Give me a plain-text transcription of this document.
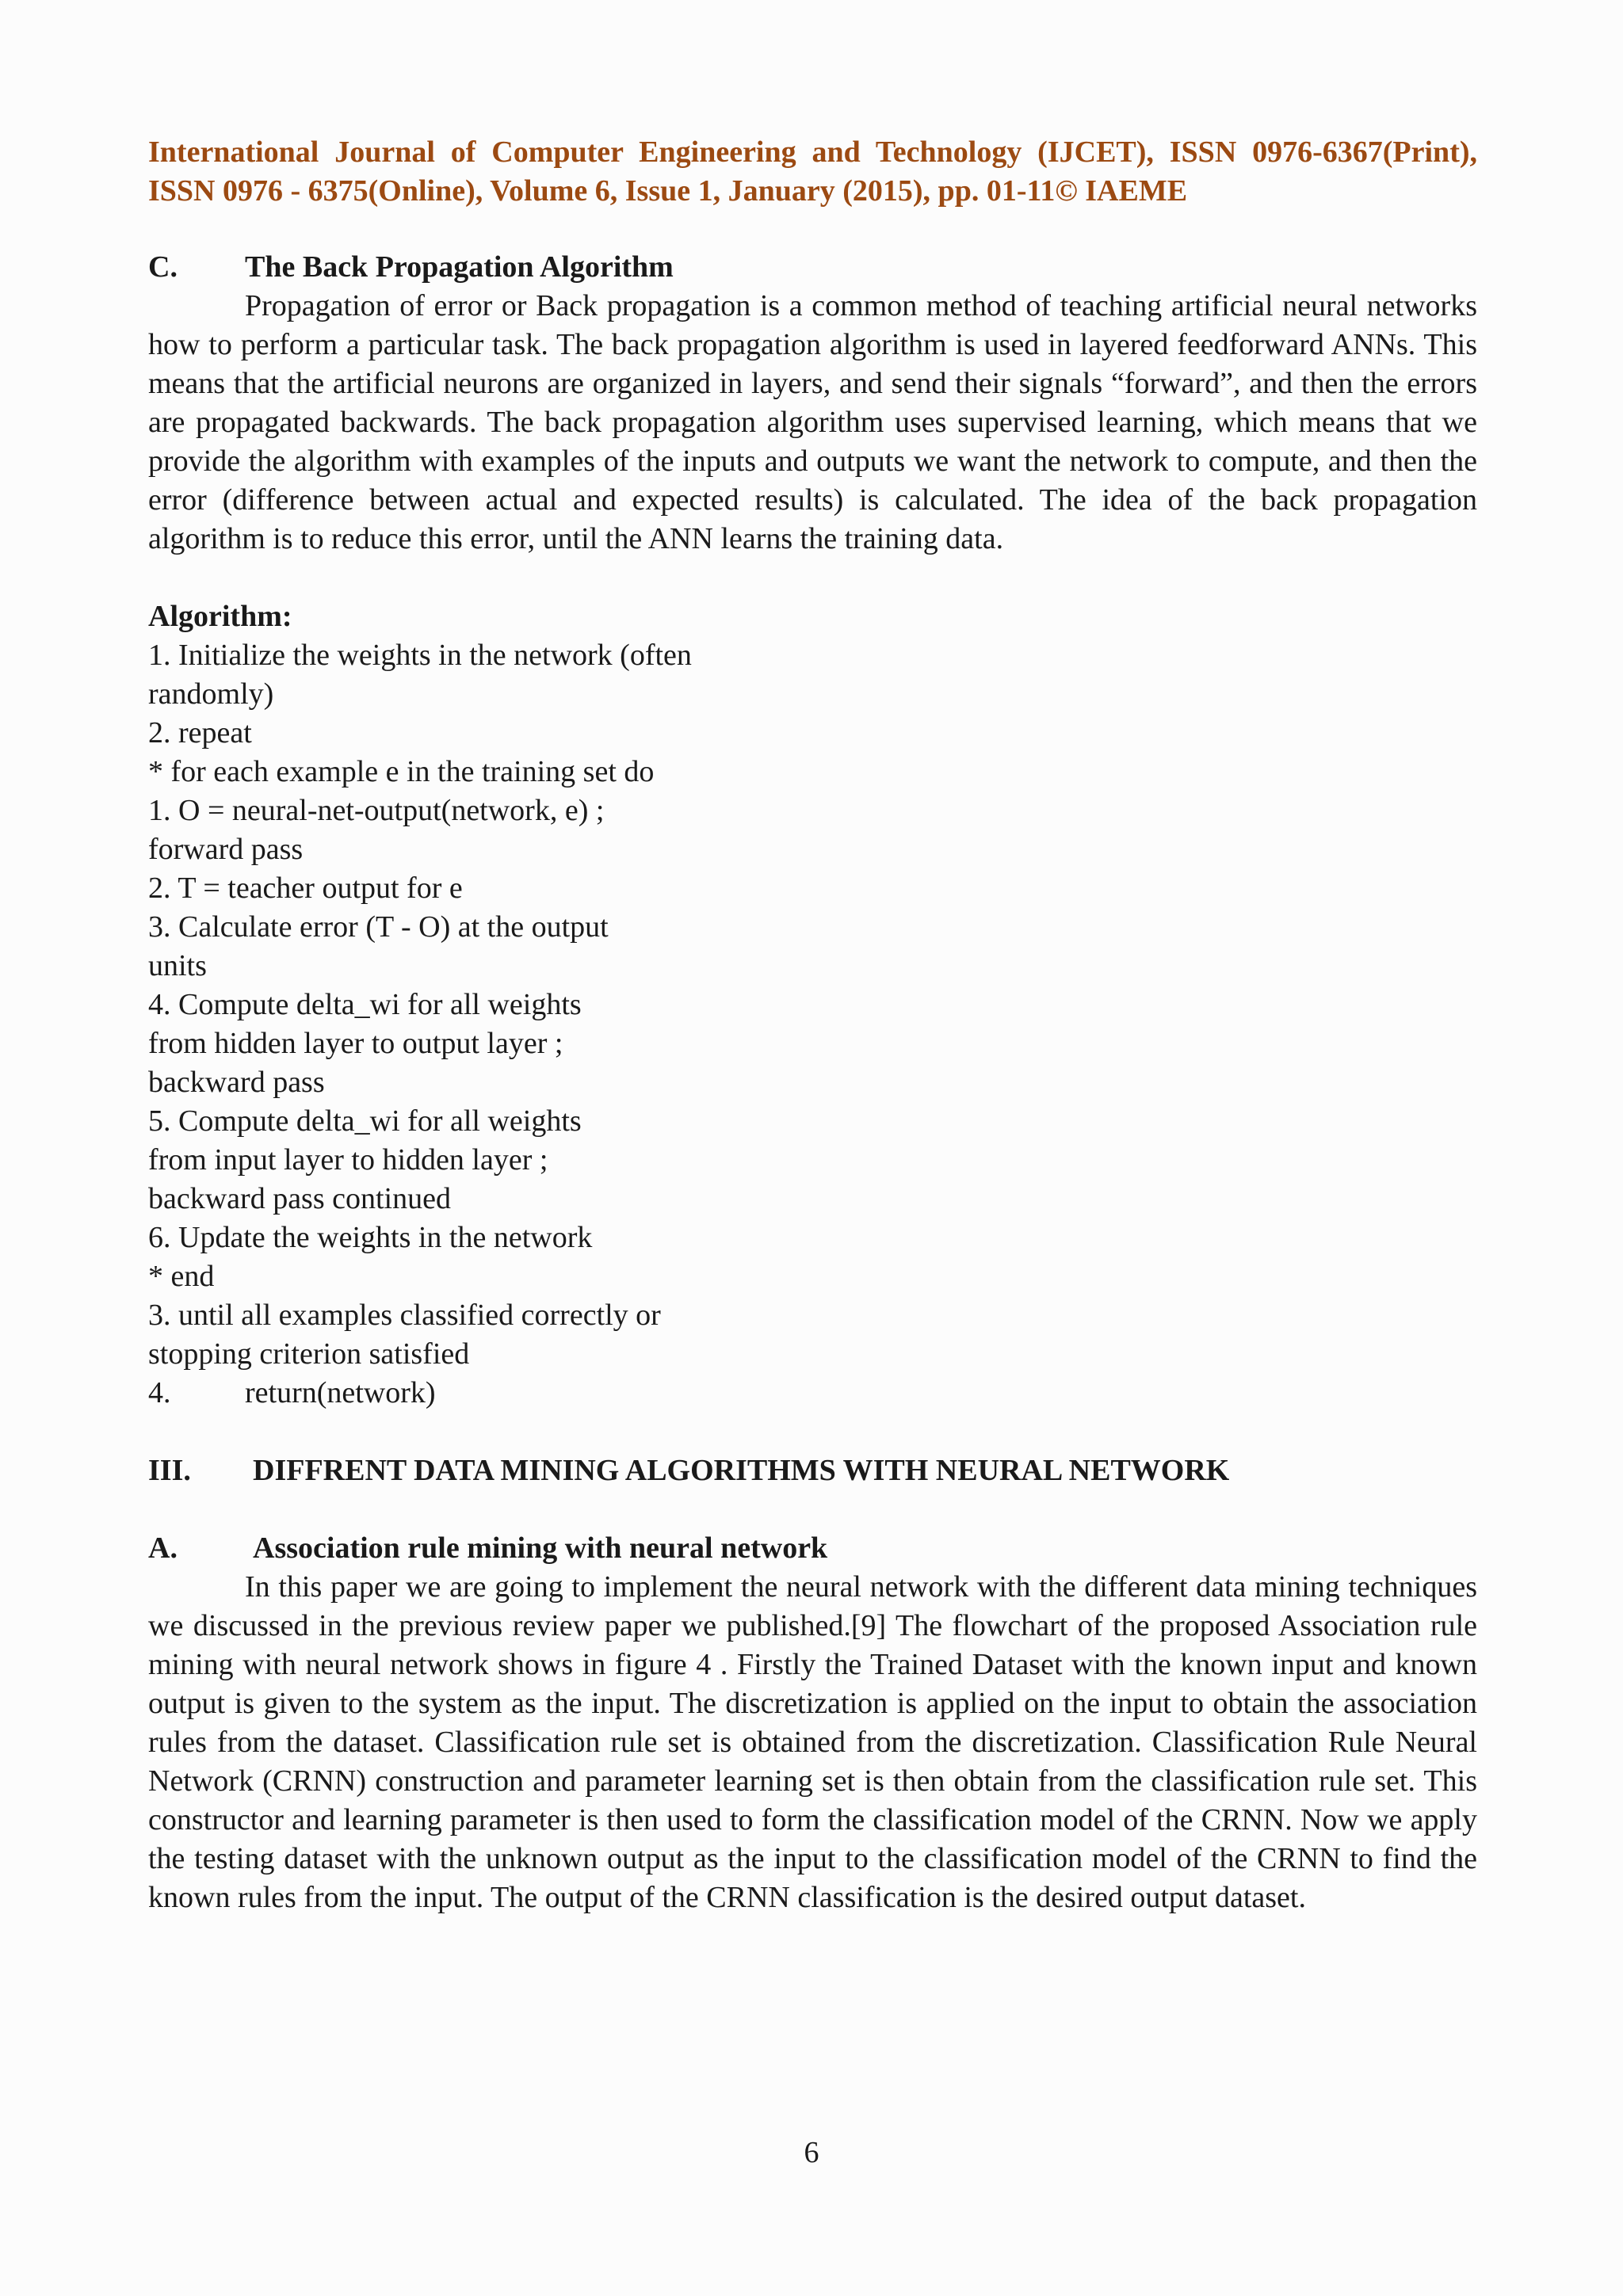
International Journal of Computer Engineering and Technology (IJCET), ISSN 0976-6367(Print),
ISSN 0976 - 6375(Online), Volume 6, Issue 1, January (2015), pp. 01-11© IAEME
C.	The Back Propagation Algorithm

Propagation of error or Back propagation is a common method of teaching artificial neural networks how to perform a particular task. The back propagation algorithm is used in layered feedforward ANNs. This means that the artificial neurons are organized in layers, and send their signals “forward”, and then the errors are propagated backwards. The back propagation algorithm uses supervised learning, which means that we provide the algorithm with examples of the inputs and outputs we want the network to compute, and then the error (difference between actual and expected results) is calculated. The idea of the back propagation algorithm is to reduce this error, until the ANN learns the training data.

Algorithm:

1. Initialize the weights in the network (often

randomly)

2. repeat

* for each example e in the training set do

1. O = neural-net-output(network, e) ;

forward pass

2. T = teacher output for e

3. Calculate error (T - O) at the output

units

4. Compute delta_wi for all weights

from hidden layer to output layer ;

backward pass

5. Compute delta_wi for all weights

from input layer to hidden layer ;

backward pass continued

6. Update the weights in the network

* end

3. until all examples classified correctly or

stopping criterion satisfied

4. return(network)

III.	DIFFRENT DATA MINING ALGORITHMS WITH NEURAL NETWORK
A.	Association rule mining with neural network

In this paper we are going to implement the neural network with the different data mining techniques we discussed in the previous review paper we published.[9] The flowchart of the proposed Association rule mining with neural network shows in figure 4 . Firstly the Trained Dataset with the known input and known output is given to the system as the input. The discretization is applied on the input to obtain the association rules from the dataset. Classification rule set is obtained from the discretization. Classification Rule Neural Network (CRNN) construction and parameter learning set is then obtain from the classification rule set. This constructor and learning parameter is then used to form the classification model of the CRNN. Now we apply the testing dataset with the unknown output as the input to the classification model of the CRNN to find the known rules from the input. The output of the CRNN classification is the desired output dataset.

6
